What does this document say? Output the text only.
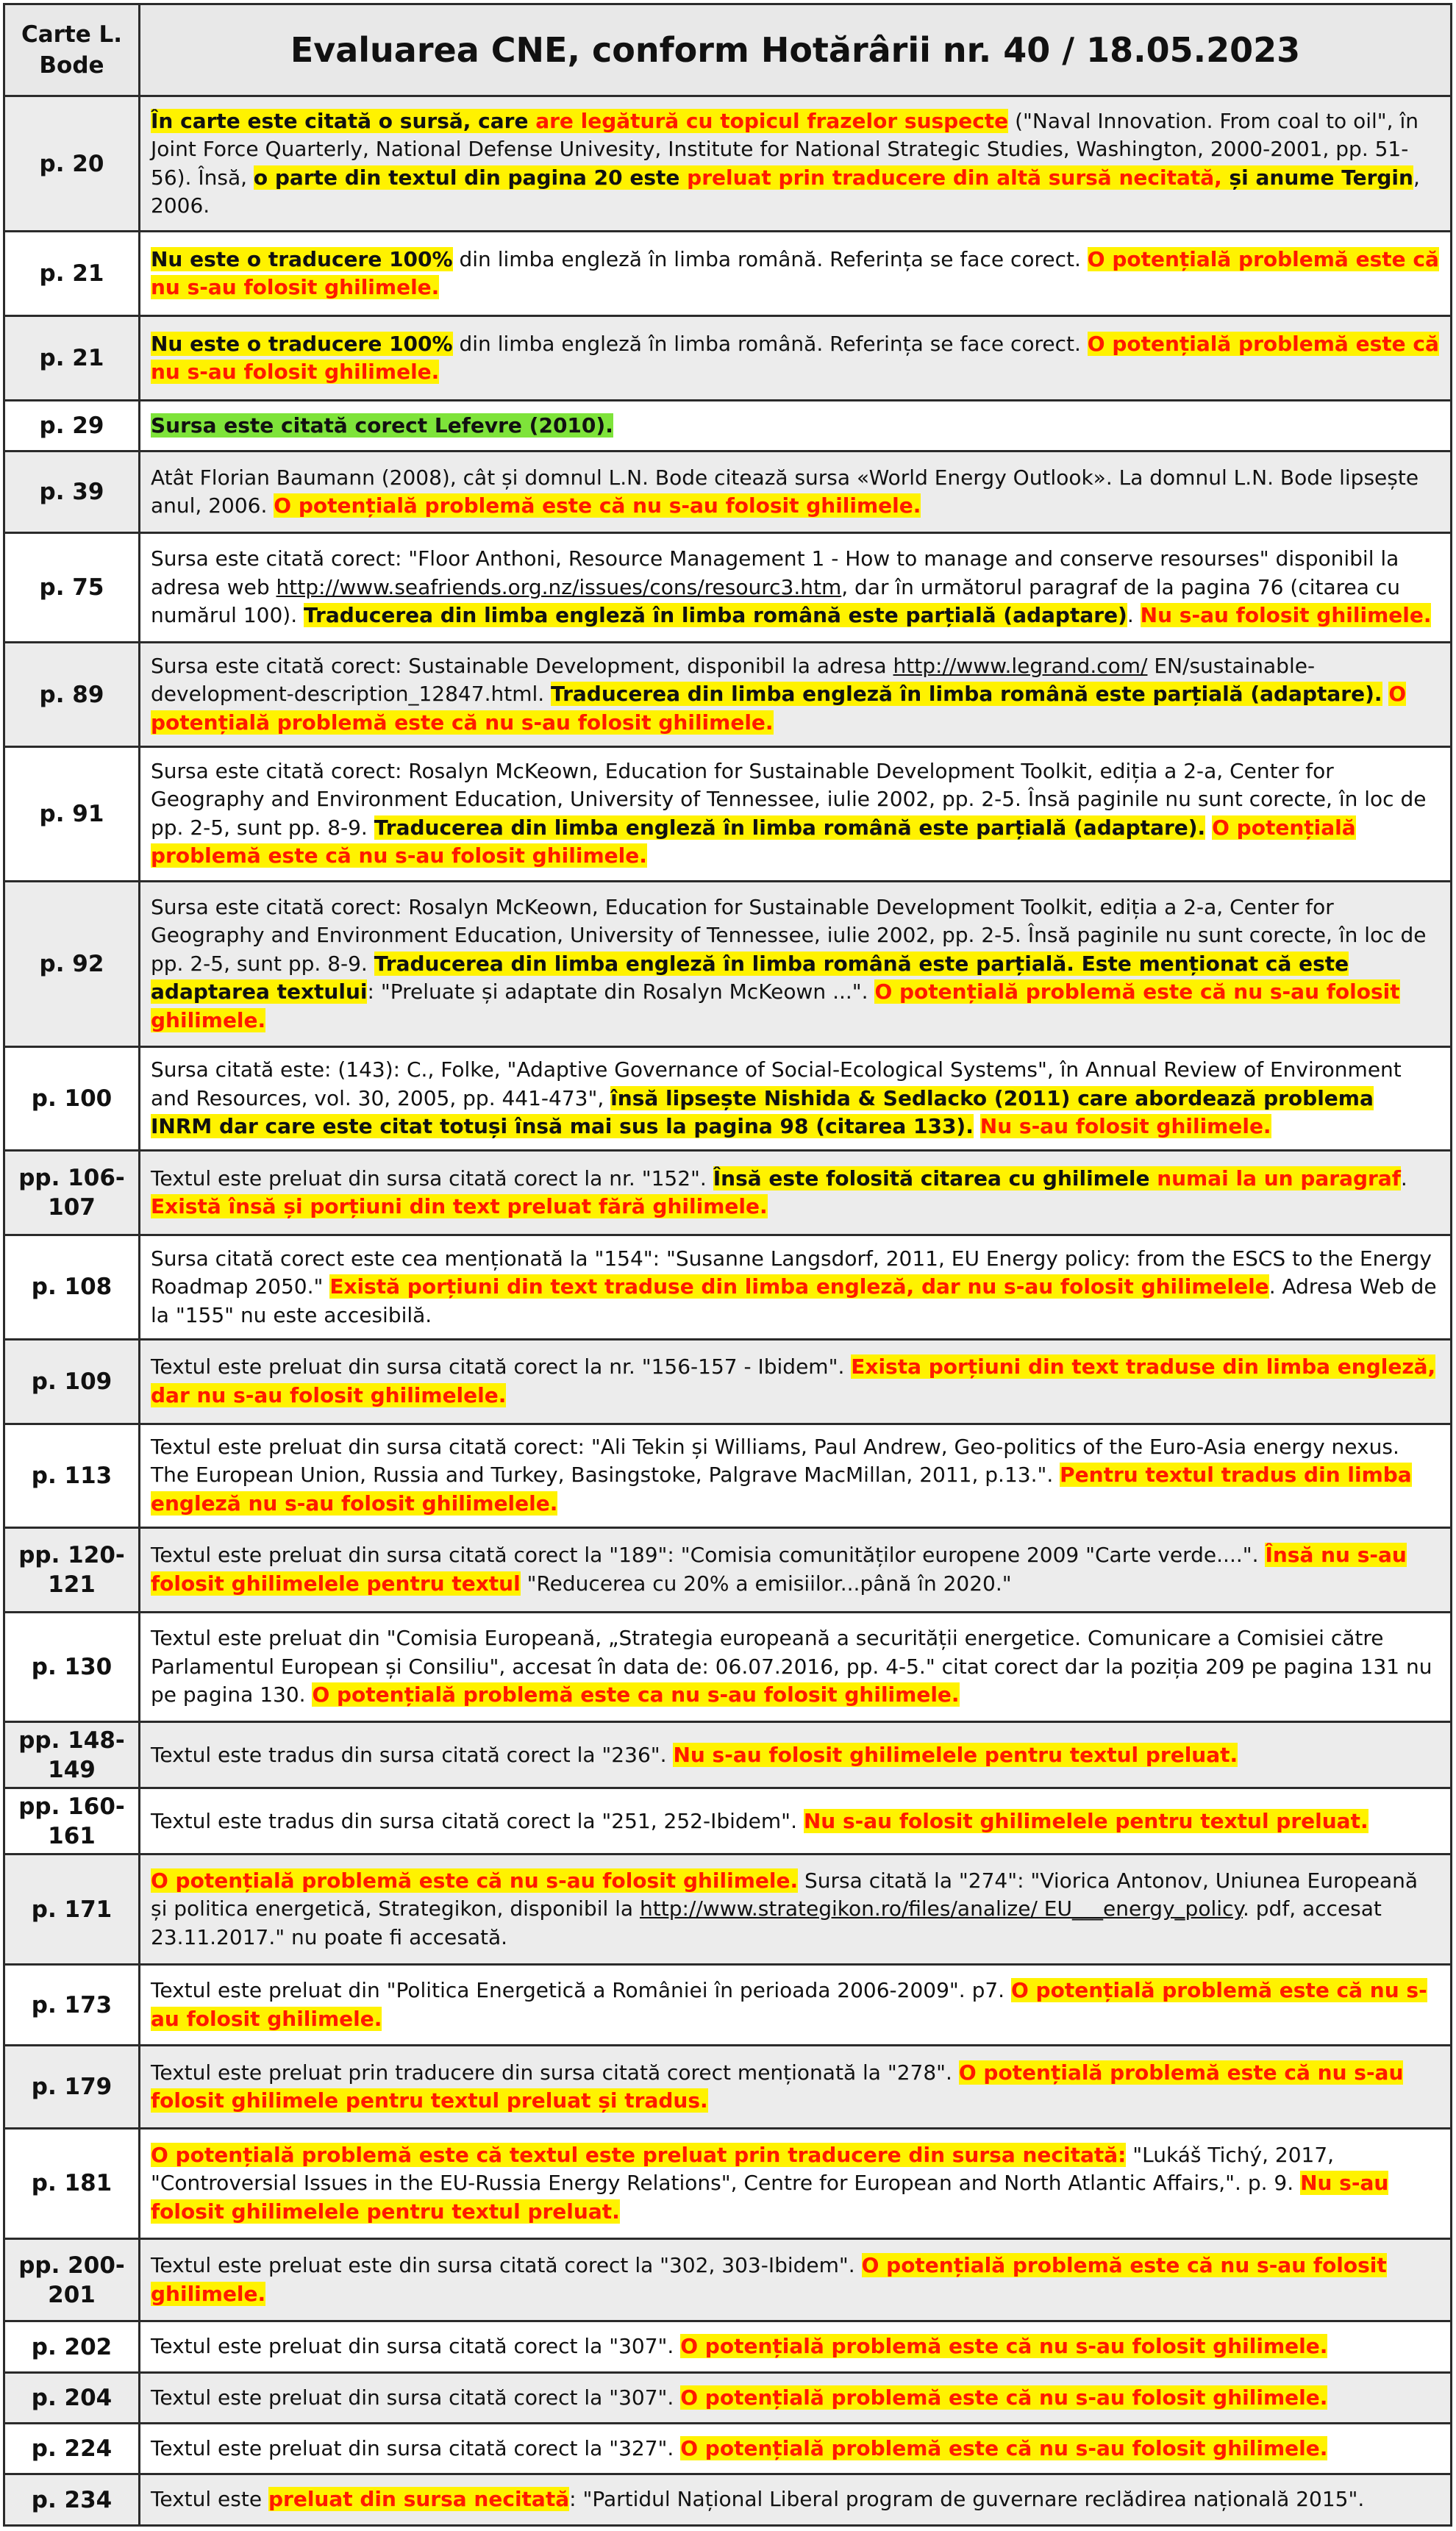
Carte L. Bode	Evaluarea CNE, conform Hotărârii nr. 40 / 18.05.2023
p. 20	În carte este citată o sursă, care are legătură cu topicul frazelor suspecte ("Naval Innovation. From coal to oil", în Joint Force Quarterly, National Defense Univesity, Institute for National Strategic Studies, Washington, 2000-2001, pp. 51-56). Însă, o parte din textul din pagina 20 este preluat prin traducere din altă sursă necitată, și anume Tergin, 2006.
p. 21	Nu este o traducere 100% din limba engleză în limba română. Referința se face corect. O potențială problemă este că nu s-au folosit ghilimele.
p. 21	Nu este o traducere 100% din limba engleză în limba română. Referința se face corect. O potențială problemă este că nu s-au folosit ghilimele.
p. 29	Sursa este citată corect Lefevre (2010).
p. 39	Atât Florian Baumann (2008), cât și domnul L.N. Bode citează sursa «World Energy Outlook». La domnul L.N. Bode lipsește anul, 2006. O potențială problemă este că nu s-au folosit ghilimele.
p. 75	Sursa este citată corect: "Floor Anthoni, Resource Management 1 - How to manage and conserve resourses" disponibil la adresa web http://www.seafriends.org.nz/issues/cons/resourc3.htm, dar în următorul paragraf de la pagina 76 (citarea cu numărul 100). Traducerea din limba engleză în limba română este parțială (adaptare). Nu s-au folosit ghilimele.
p. 89	Sursa este citată corect: Sustainable Development, disponibil la adresa http://www.legrand.com/ EN/sustainable-development-description_12847.html. Traducerea din limba engleză în limba română este parțială (adaptare). O potențială problemă este că nu s-au folosit ghilimele.
p. 91	Sursa este citată corect: Rosalyn McKeown, Education for Sustainable Development Toolkit, ediția a 2-a, Center for Geography and Environment Education, University of Tennessee, iulie 2002, pp. 2-5. Însă paginile nu sunt corecte, în loc de pp. 2-5, sunt pp. 8-9. Traducerea din limba engleză în limba română este parțială (adaptare). O potențială problemă este că nu s-au folosit ghilimele.
p. 92	Sursa este citată corect: Rosalyn McKeown, Education for Sustainable Development Toolkit, ediția a 2-a, Center for Geography and Environment Education, University of Tennessee, iulie 2002, pp. 2-5. Însă paginile nu sunt corecte, în loc de pp. 2-5, sunt pp. 8-9. Traducerea din limba engleză în limba română este parțială. Este menționat că este adaptarea textului: "Preluate și adaptate din Rosalyn McKeown ...". O potențială problemă este că nu s-au folosit ghilimele.
p. 100	Sursa citată este: (143): C., Folke, "Adaptive Governance of Social-Ecological Systems", în Annual Review of Environment and Resources, vol. 30, 2005, pp. 441-473", însă lipsește Nishida & Sedlacko (2011) care abordează problema INRM dar care este citat totuși însă mai sus la pagina 98 (citarea 133). Nu s-au folosit ghilimele.
pp. 106-107	Textul este preluat din sursa citată corect la nr. "152". Însă este folosită citarea cu ghilimele numai la un paragraf. Există însă și porțiuni din text preluat fără ghilimele.
p. 108	Sursa citată corect este cea menționată la "154": "Susanne Langsdorf, 2011, EU Energy policy: from the ESCS to the Energy Roadmap 2050." Există porțiuni din text traduse din limba engleză, dar nu s-au folosit ghilimelele. Adresa Web de la "155" nu este accesibilă.
p. 109	Textul este preluat din sursa citată corect la nr. "156-157 - Ibidem". Exista porțiuni din text traduse din limba engleză, dar nu s-au folosit ghilimelele.
p. 113	Textul este preluat din sursa citată corect: "Ali Tekin și Williams, Paul Andrew, Geo-politics of the Euro-Asia energy nexus. The European Union, Russia and Turkey, Basingstoke, Palgrave MacMillan, 2011, p.13.". Pentru textul tradus din limba engleză nu s-au folosit ghilimelele.
pp. 120-121	Textul este preluat din sursa citată corect la "189": "Comisia comunităților europene 2009 "Carte verde....". Însă nu s-au folosit ghilimelele pentru textul "Reducerea cu 20% a emisiilor...până în 2020."
p. 130	Textul este preluat din "Comisia Europeană, „Strategia europeană a securității energetice. Comunicare a Comisiei către Parlamentul European și Consiliu", accesat în data de: 06.07.2016, pp. 4-5." citat corect dar la poziția 209 pe pagina 131 nu pe pagina 130. O potențială problemă este ca nu s-au folosit ghilimele.
pp. 148-149	Textul este tradus din sursa citată corect la "236". Nu s-au folosit ghilimelele pentru textul preluat.
pp. 160-161	Textul este tradus din sursa citată corect la "251, 252-Ibidem". Nu s-au folosit ghilimelele pentru textul preluat.
p. 171	O potențială problemă este că nu s-au folosit ghilimele. Sursa citată la "274": "Viorica Antonov, Uniunea Europeană și politica energetică, Strategikon, disponibil la http://www.strategikon.ro/files/analize/ EU___energy_policy. pdf, accesat 23.11.2017." nu poate fi accesată.
p. 173	Textul este preluat din "Politica Energetică a României în perioada 2006-2009". p7. O potențială problemă este că nu s-au folosit ghilimele.
p. 179	Textul este preluat prin traducere din sursa citată corect menționată la "278". O potențială problemă este că nu s-au folosit ghilimele pentru textul preluat și tradus.
p. 181	O potențială problemă este că textul este preluat prin traducere din sursa necitată: "Lukáš Tichý, 2017, "Controversial Issues in the EU-Russia Energy Relations", Centre for European and North Atlantic Affairs,". p. 9. Nu s-au folosit ghilimelele pentru textul preluat.
pp. 200-201	Textul este preluat este din sursa citată corect la "302, 303-Ibidem". O potențială problemă este că nu s-au folosit ghilimele.
p. 202	Textul este preluat din sursa citată corect la "307". O potențială problemă este că nu s-au folosit ghilimele.
p. 204	Textul este preluat din sursa citată corect la "307". O potențială problemă este că nu s-au folosit ghilimele.
p. 224	Textul este preluat din sursa citată corect la "327". O potențială problemă este că nu s-au folosit ghilimele.
p. 234	Textul este preluat din sursa necitată: "Partidul Național Liberal program de guvernare reclădirea națională 2015".
